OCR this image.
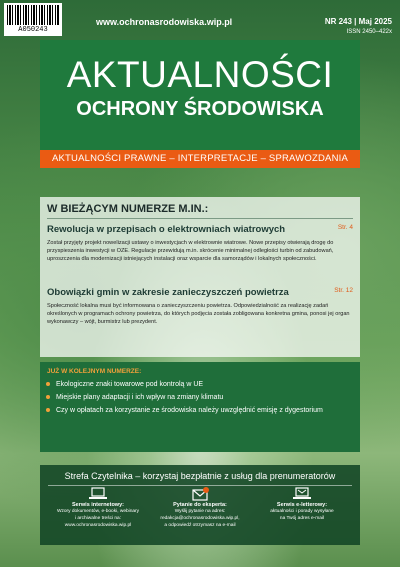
A050243
www.ochronasrodowiska.wip.pl	NR 243 | Maj 2025
ISSN 2450–422x
AKTUALNOŚCI
OCHRONY ŚRODOWISKA
AKTUALNOŚCI PRAWNE – INTERPRETACJE – SPRAWOZDANIA
W BIEŻĄCYM NUMERZE M.IN.:
Rewolucja w przepisach o elektrowniach wiatrowych	Str. 4
Został przyjęty projekt nowelizacji ustawy o inwestycjach w elektrownie wiatrowe. Nowe przepisy otwierają drogę do przyspieszenia inwestycji w OZE. Regulacje przewidują m.in. skrócenie minimalnej odległości turbin od zabudowań, uproszczenia dla modernizacji istniejących instalacji oraz wsparcie dla samorządów i lokalnych społeczności.
Obowiązki gmin w zakresie zanieczyszczeń powietrza	Str. 12
Społeczność lokalna musi być informowana o zanieczyszczeniu powietrza. Odpowiedzialność za realizację zadań określonych w programach ochrony powietrza, do których podjęcia została zobligowana konkretna gmina, ponosi jej organ wykonawczy – wójt, burmistrz lub prezydent.
JUŻ W KOLEJNYM NUMERZE:
Ekologiczne znaki towarowe pod kontrolą w UE
Miejskie plany adaptacji i ich wpływ na zmiany klimatu
Czy w opłatach za korzystanie ze środowiska należy uwzględnić emisję z dygestorium
Strefa Czytelnika – korzystaj bezpłatnie z usług dla prenumeratorów
Serwis internetowy:
Wzory dokumentów, e-booki, webinary
i archiwalne treści na:
www.ochronasrodowiska.wip.pl
Pytanie do eksperta:
Wyślij pytanie na adres:
redakcja@ochronasrodowiska.wip.pl,
a odpowiedź otrzymasz na e-mail
Serwis e-letterowy:
aktualności i porady wysyłane
na Twój adres e-mail
